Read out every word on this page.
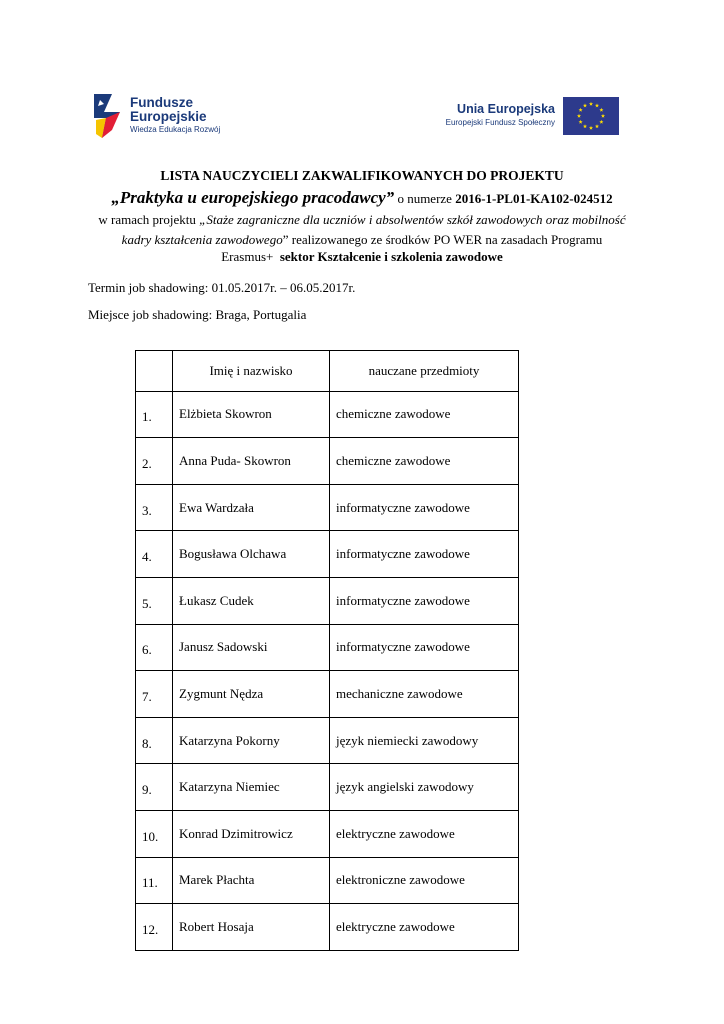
Fundusze
Europejskie
Wiedza Edukacja Rozwój
Unia Europejska
Europejski Fundusz Społeczny
LISTA NAUCZYCIELI ZAKWALIFIKOWANYCH DO PROJEKTU
„Praktyka u europejskiego pracodawcy” o numerze 2016-1-PL01-KA102-024512
w ramach projektu „Staże zagraniczne dla uczniów i absolwentów szkół zawodowych oraz mobilność
kadry kształcenia zawodowego” realizowanego ze środków PO WER na zasadach Programu
Erasmus+ sektor Kształcenie i szkolenia zawodowe
Termin job shadowing: 01.05.2017r. – 06.05.2017r.
Miejsce job shadowing: Braga, Portugalia
	Imię i nazwisko	nauczane przedmioty
1.	Elżbieta Skowron	chemiczne zawodowe
2.	Anna Puda- Skowron	chemiczne zawodowe
3.	Ewa Wardzała	informatyczne zawodowe
4.	Bogusława Olchawa	informatyczne zawodowe
5.	Łukasz Cudek	informatyczne zawodowe
6.	Janusz Sadowski	informatyczne zawodowe
7.	Zygmunt Nędza	mechaniczne zawodowe
8.	Katarzyna Pokorny	język niemiecki zawodowy
9.	Katarzyna Niemiec	język angielski zawodowy
10.	Konrad Dzimitrowicz	elektryczne zawodowe
11.	Marek Płachta	elektroniczne zawodowe
12.	Robert Hosaja	elektryczne zawodowe
